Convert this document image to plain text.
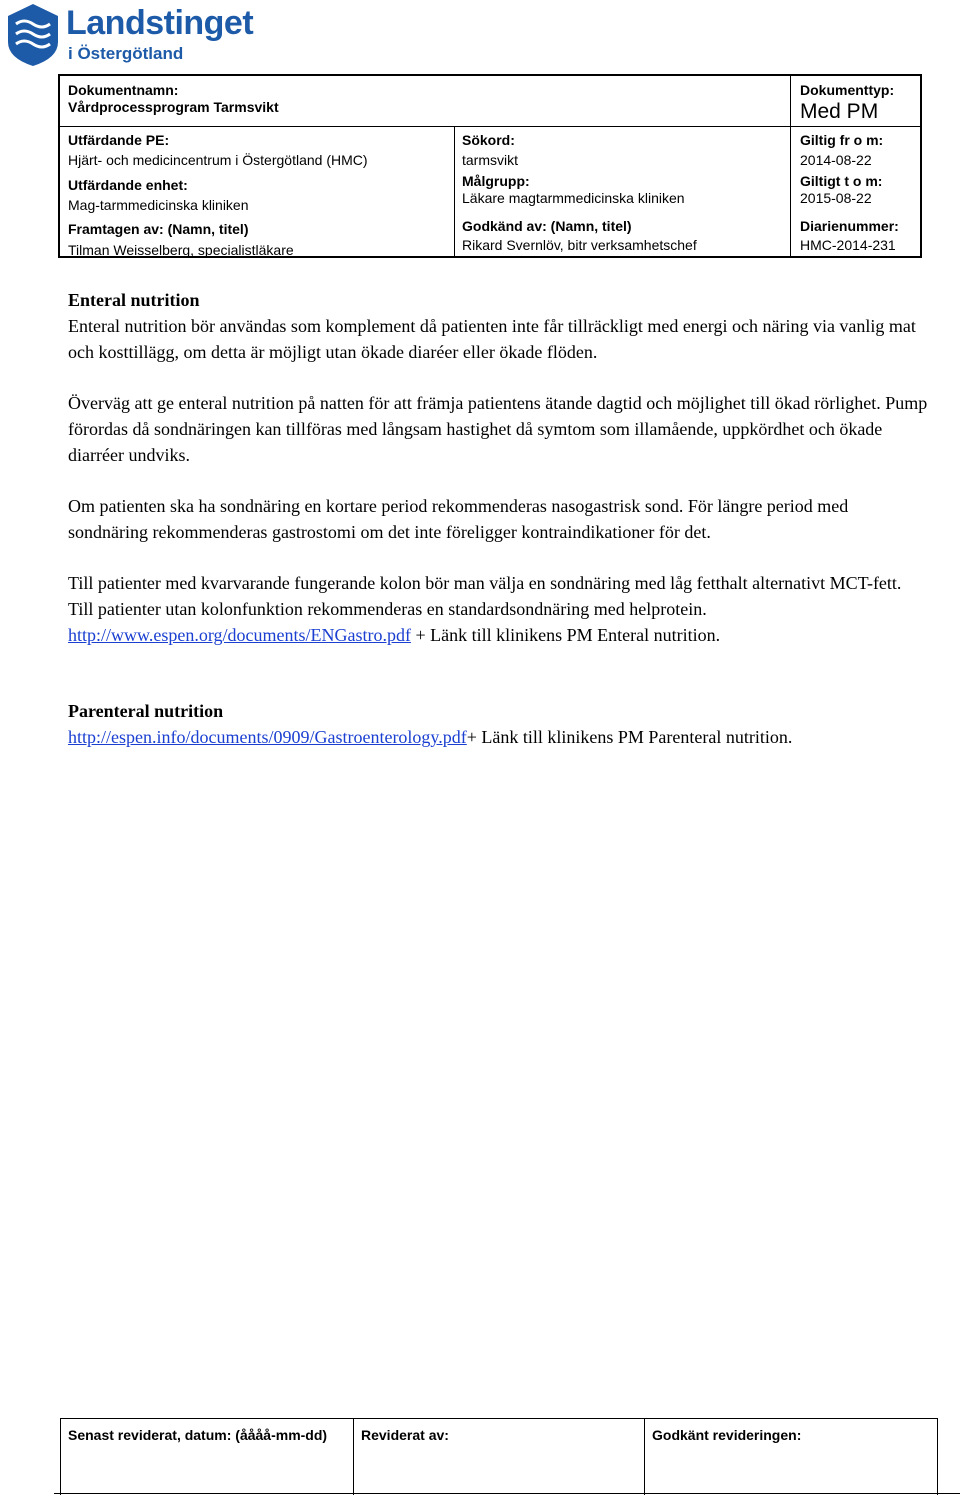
Landstinget
i Östergötland
Dokumentnamn:
Vårdprocessprogram Tarmsvikt
Dokumenttyp:
Med PM
Utfärdande PE:
Hjärt- och medicincentrum i Östergötland (HMC)
Utfärdande enhet:
Mag-tarmmedicinska kliniken
Framtagen av: (Namn, titel)
Tilman Weisselberg, specialistläkare
Sökord:
tarmsvikt
Målgrupp:
Läkare magtarmmedicinska kliniken
Godkänd av: (Namn, titel)
Rikard Svernlöv, bitr verksamhetschef
Giltig fr o m:
2014-08-22
Giltigt t o m:
2015-08-22
Diarienummer:
HMC-2014-231
Enteral nutrition

Enteral nutrition bör användas som komplement då patienten inte får tillräckligt med energi och näring via vanlig mat och kosttillägg, om detta är möjligt utan ökade diaréer eller ökade flöden.

Överväg att ge enteral nutrition på natten för att främja patientens ätande dagtid och möjlighet till ökad rörlighet. Pump förordas då sondnäringen kan tillföras med långsam hastighet då symtom som illamående, uppkördhet och ökade diarréer undviks.

Om patienten ska ha sondnäring en kortare period rekommenderas nasogastrisk sond. För längre period med sondnäring rekommenderas gastrostomi om det inte föreligger kontraindikationer för det.

Till patienter med kvarvarande fungerande kolon bör man välja en sondnäring med låg fetthalt alternativt MCT-fett. Till patienter utan kolonfunktion rekommenderas en standardsondnäring med helprotein.
http://www.espen.org/documents/ENGastro.pdf + Länk till klinikens PM Enteral nutrition.

Parenteral nutrition

http://espen.info/documents/0909/Gastroenterology.pdf+ Länk till klinikens PM Parenteral nutrition.

Senast reviderat, datum: (åååå-mm-dd) Reviderat av:	Godkänt revideringen:
